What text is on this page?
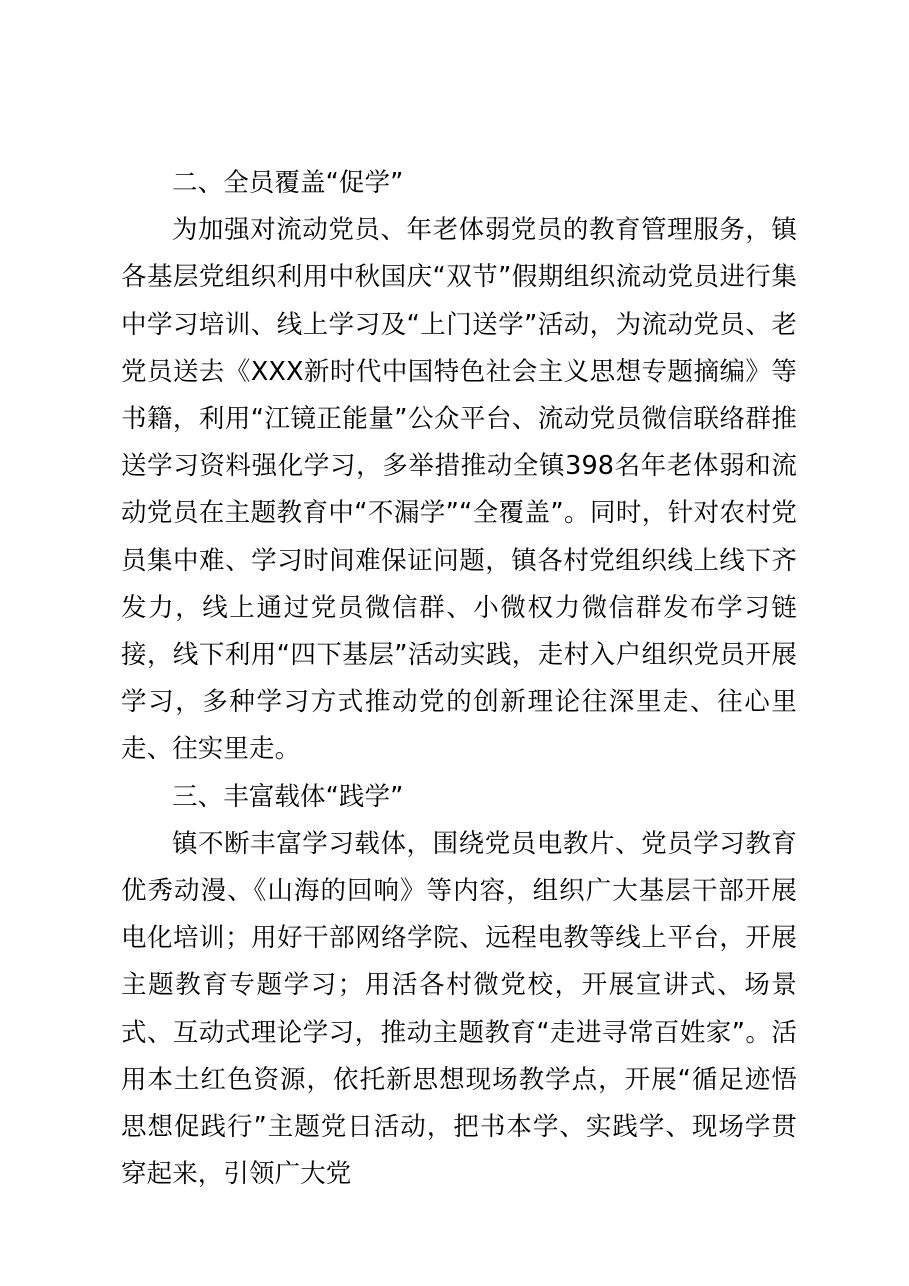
二、全员覆盖“促学”

为加强对流动党员、年老体弱党员的教育管理服务，镇各基层党组织利用中秋国庆“双节”假期组织流动党员进行集中学习培训、线上学习及“上门送学”活动，为流动党员、老党员送去《XXX新时代中国特色社会主义思想专题摘编》等书籍，利用“江镜正能量”公众平台、流动党员微信联络群推送学习资料强化学习，多举措推动全镇398名年老体弱和流动党员在主题教育中“不漏学”“全覆盖”。同时，针对农村党员集中难、学习时间难保证问题，镇各村党组织线上线下齐发力，线上通过党员微信群、小微权力微信群发布学习链接，线下利用“四下基层”活动实践，走村入户组织党员开展学习，多种学习方式推动党的创新理论往深里走、往心里走、往实里走。

三、丰富载体“践学”

镇不断丰富学习载体，围绕党员电教片、党员学习教育优秀动漫、《山海的回响》等内容，组织广大基层干部开展电化培训；用好干部网络学院、远程电教等线上平台，开展主题教育专题学习；用活各村微党校，开展宣讲式、场景式、互动式理论学习，推动主题教育“走进寻常百姓家”。活用本土红色资源，依托新思想现场教学点，开展“循足迹悟思想促践行”主题党日活动，把书本学、实践学、现场学贯穿起来，引领广大党
